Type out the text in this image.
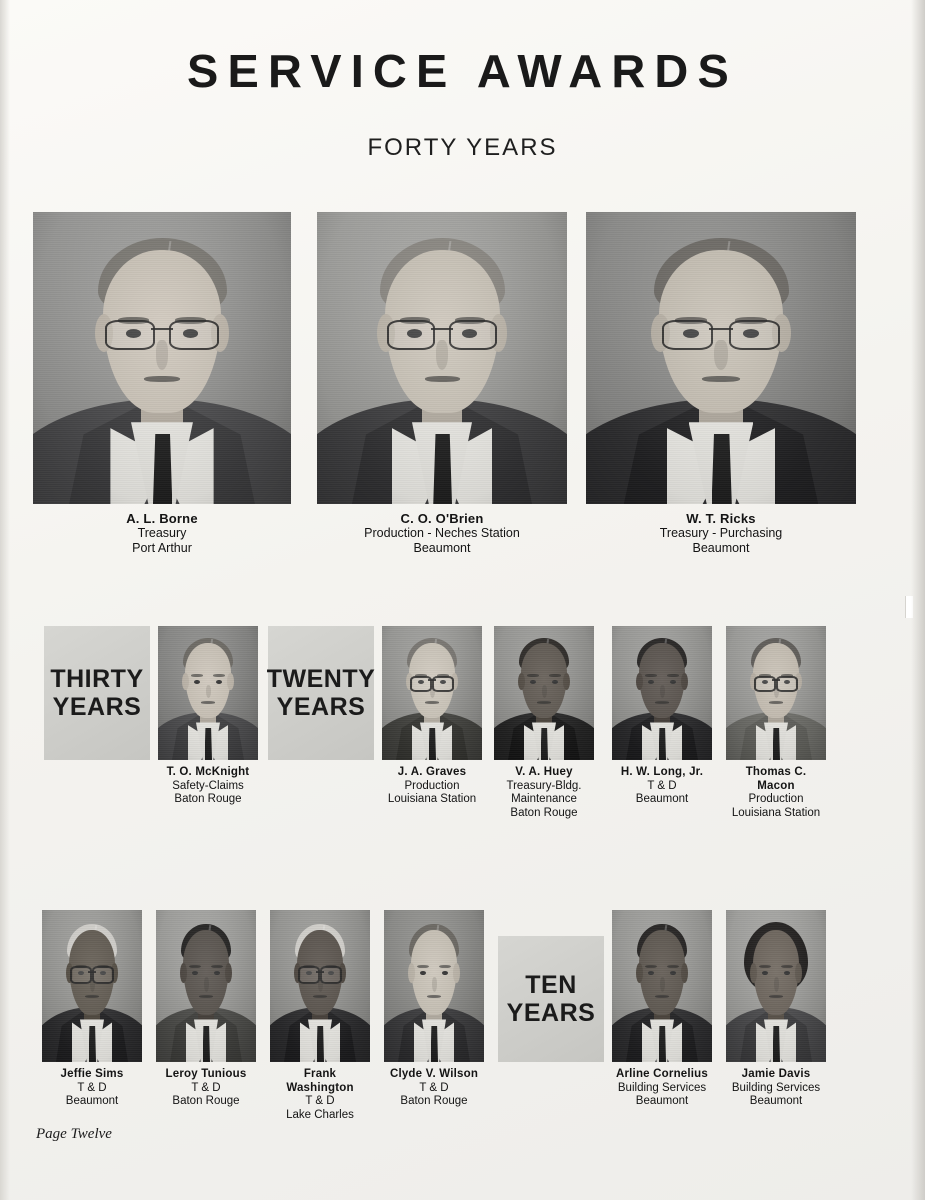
SERVICE AWARDS
FORTY YEARS
A. L. Borne
Treasury
Port Arthur
C. O. O'Brien
Production - Neches Station
Beaumont
W. T. Ricks
Treasury - Purchasing
Beaumont
THIRTY
YEARS
T. O. McKnight
Safety-Claims
Baton Rouge
TWENTY
YEARS
J. A. Graves
Production
Louisiana Station
V. A. Huey
Treasury-Bldg.
Maintenance
Baton Rouge
H. W. Long, Jr.
T & D
Beaumont
Thomas C. Macon
Production
Louisiana Station
Jeffie Sims
T & D
Beaumont
Leroy Tunious
T & D
Baton Rouge
Frank Washington
T & D
Lake Charles
Clyde V. Wilson
T & D
Baton Rouge
TEN
YEARS
Arline Cornelius
Building Services
Beaumont
Jamie Davis
Building Services
Beaumont
Page Twelve
